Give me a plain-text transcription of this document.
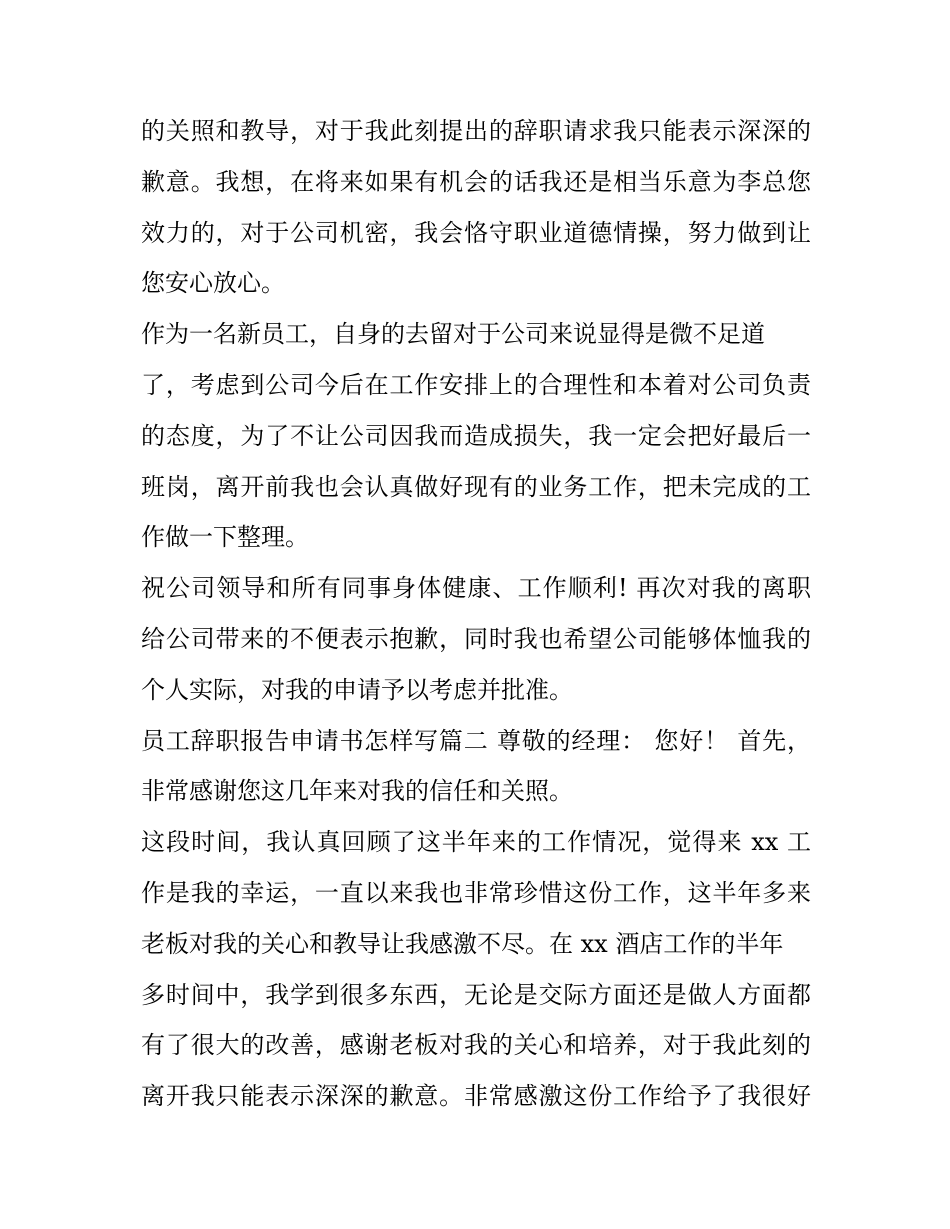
的关照和教导，对于我此刻提出的辞职请求我只能表示深深的
歉意。我想，在将来如果有机会的话我还是相当乐意为李总您
效力的，对于公司机密，我会恪守职业道德情操，努力做到让
您安心放心。
作为一名新员工，自身的去留对于公司来说显得是微不足道
了，考虑到公司今后在工作安排上的合理性和本着对公司负责
的态度，为了不让公司因我而造成损失，我一定会把好最后一
班岗，离开前我也会认真做好现有的业务工作，把未完成的工
作做一下整理。
祝公司领导和所有同事身体健康、工作顺利! 再次对我的离职
给公司带来的不便表示抱歉，同时我也希望公司能够体恤我的
个人实际，对我的申请予以考虑并批准。
员工辞职报告申请书怎样写篇二 尊敬的经理： 您好！ 首先，
非常感谢您这几年来对我的信任和关照。
这段时间，我认真回顾了这半年来的工作情况，觉得来 xx 工
作是我的幸运，一直以来我也非常珍惜这份工作，这半年多来
老板对我的关心和教导让我感激不尽。在 xx 酒店工作的半年
多时间中，我学到很多东西，无论是交际方面还是做人方面都
有了很大的改善，感谢老板对我的关心和培养，对于我此刻的
离开我只能表示深深的歉意。非常感激这份工作给予了我很好
